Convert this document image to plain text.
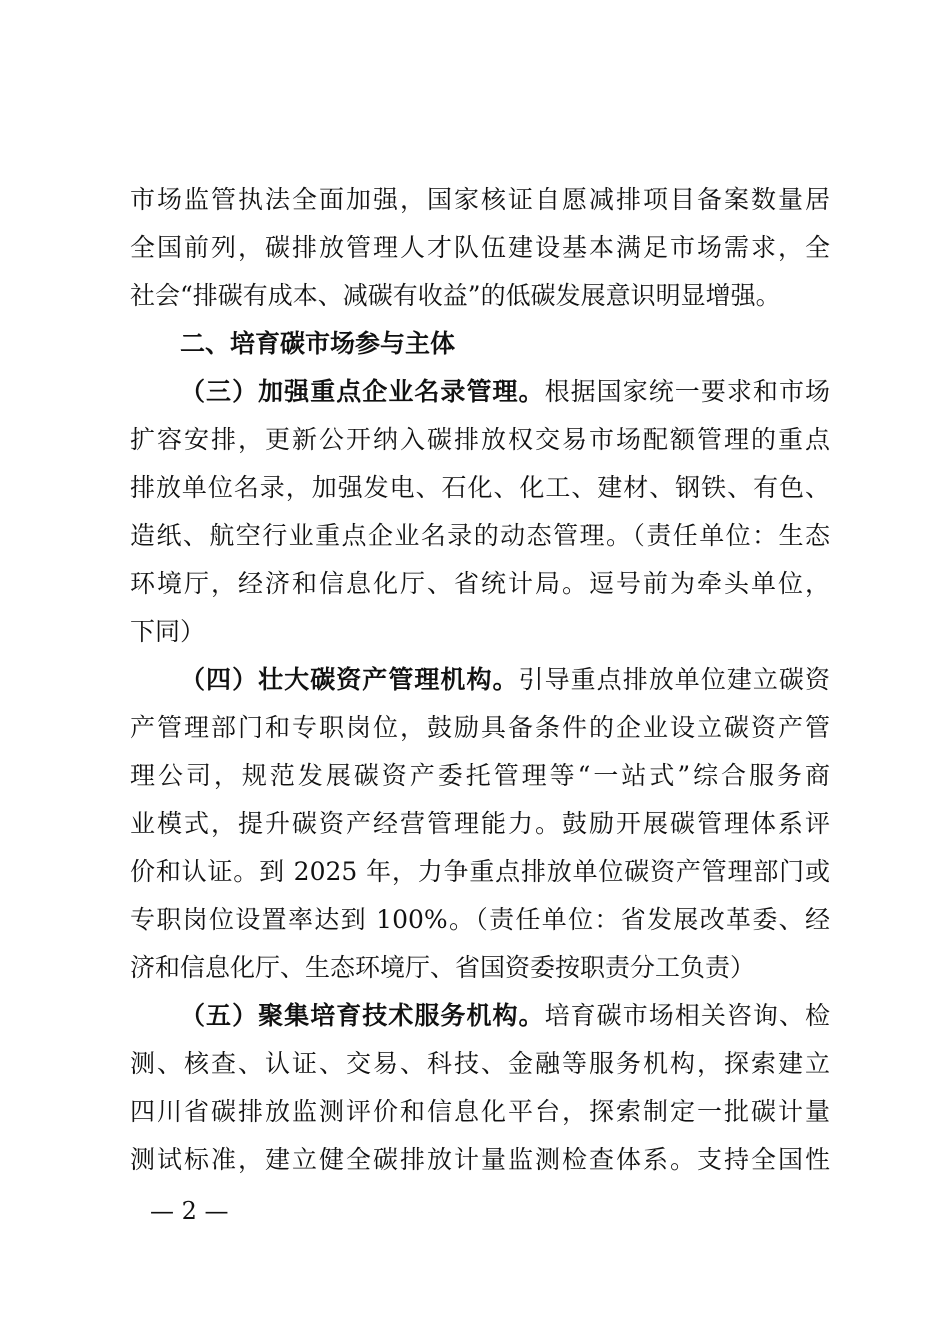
市场监管执法全面加强，国家核证自愿减排项目备案数量居
全国前列，碳排放管理人才队伍建设基本满足市场需求，全
社会“排碳有成本、减碳有收益”的低碳发展意识明显增强。
二、培育碳市场参与主体
（三）加强重点企业名录管理。根据国家统一要求和市场
扩容安排，更新公开纳入碳排放权交易市场配额管理的重点
排放单位名录，加强发电、石化、化工、建材、钢铁、有色、
造纸、航空行业重点企业名录的动态管理。（责任单位：生态
环境厅，经济和信息化厅、省统计局。逗号前为牵头单位，
下同）
（四）壮大碳资产管理机构。引导重点排放单位建立碳资
产管理部门和专职岗位，鼓励具备条件的企业设立碳资产管
理公司，规范发展碳资产委托管理等“一站式”综合服务商
业模式，提升碳资产经营管理能力。鼓励开展碳管理体系评
价和认证。到 2025 年，力争重点排放单位碳资产管理部门或
专职岗位设置率达到 100%。（责任单位：省发展改革委、经
济和信息化厅、生态环境厅、省国资委按职责分工负责）
（五）聚集培育技术服务机构。培育碳市场相关咨询、检
测、核查、认证、交易、科技、金融等服务机构，探索建立
四川省碳排放监测评价和信息化平台，探索制定一批碳计量
测试标准，建立健全碳排放计量监测检查体系。支持全国性
— 2 —
